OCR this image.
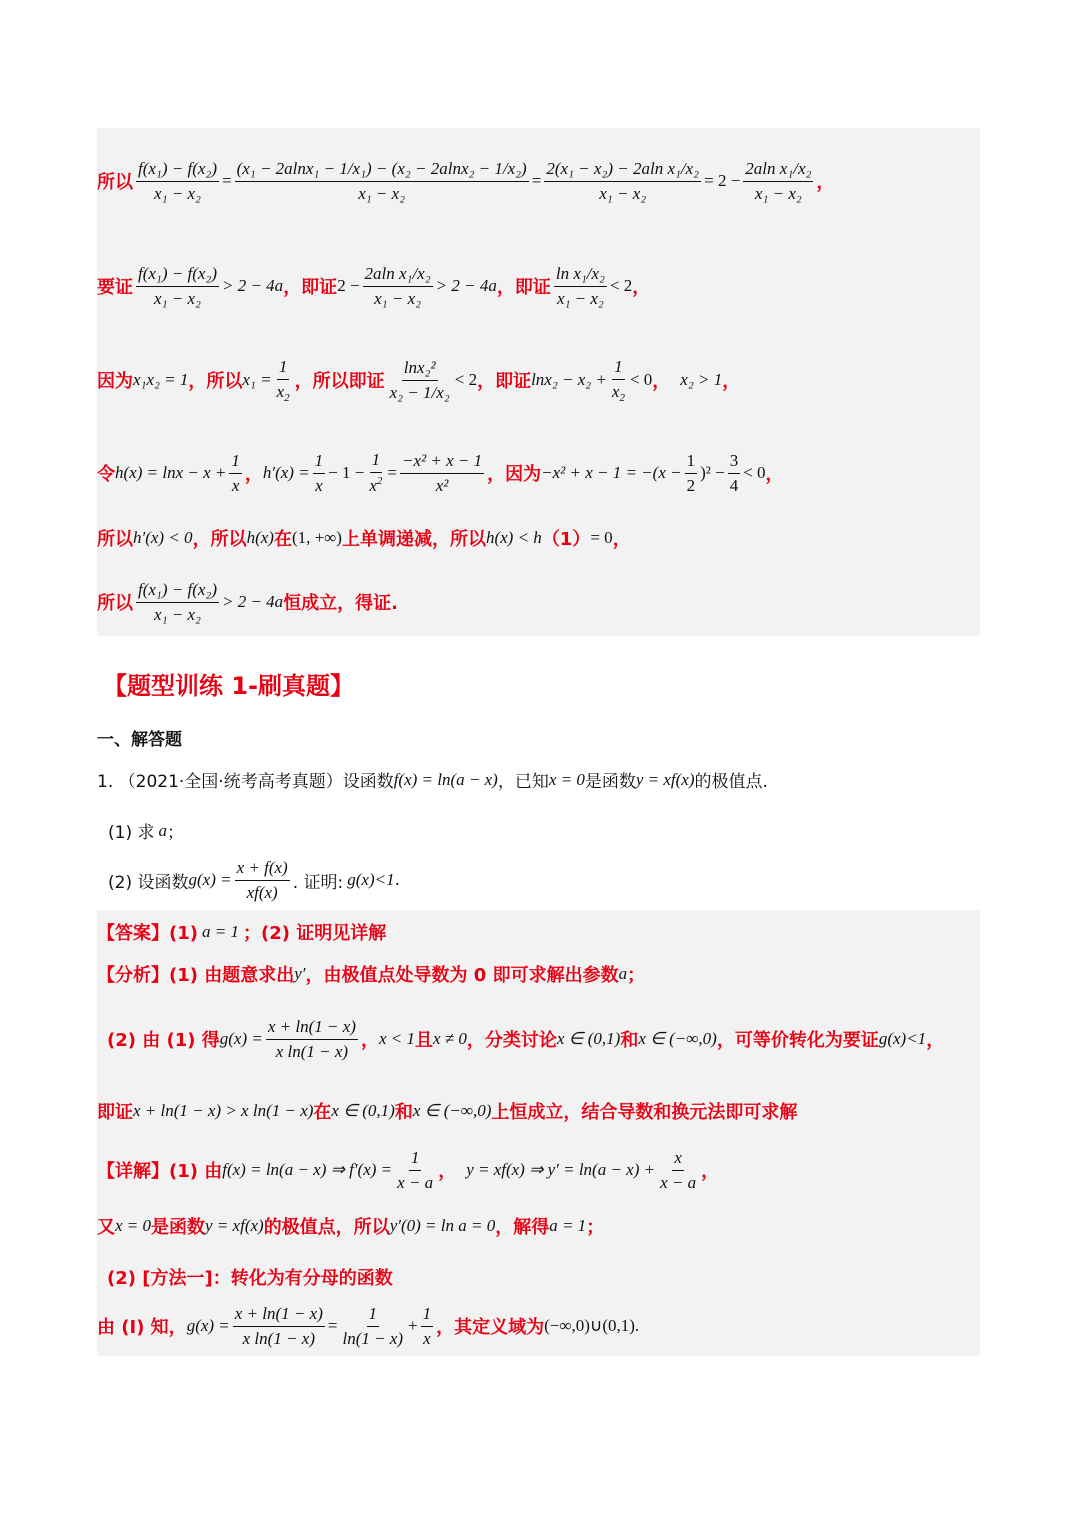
所以 $\frac{\text{f(x₁) − f(x₂)}}{\text{x₁ − x₂}} = \frac{\text{(x₁ − 2alnx₁ − 1/x₁) − (x₂ − 2alnx₂ − 1/x₂)}}{\text{x₁ − x₂}} = \frac{\text{2(x₁ − x₂) − 2aln x₁/x₂}}{\text{x₁ − x₂}} = 2 - \frac{\text{2aln x₁/x₂}}{\text{x₁ − x₂}}$ ，
要证 $\frac{\text{f(x₁) − f(x₂)}}{\text{x₁ − x₂}} > 2 - 4a$ ，即证 $2 - \frac{\text{2aln x₁/x₂}}{\text{x₁ − x₂}} > 2 - 4a$ ，即证 $\frac{\text{ln x₁/x₂}}{\text{x₁ − x₂}} < 2$ ，
因为 x₁x₂ = 1 ，所以 $x_1 = \frac{1}{x_2}$ ，所以即证 $\frac{\text{lnx₂²}}{\text{x₂ − 1/x₂}} < 2$ ，即证 $\ln x_2 - x_2 + \frac{1}{x_2} < 0$ ， x₂ > 1 ，
令 $h(x) = \ln x - x + \frac{1}{x}$ ， $h'(x) = \frac{1}{x} - 1 - \frac{1}{x^2} = \frac{\text{−x² + x − 1}}{\text{x²}}$ ，因为 $-x^2 + x - 1 = -(x - \frac{1}{2} )^2 - \frac{3}{4} < 0$ ，
所以 h′(x) < 0 ，所以 h(x) 在 (1, +∞) 上单调递减，所以 h(x) < h （1） = 0 ，
所以 $\frac{\text{f(x₁) − f(x₂)}}{\text{x₁ − x₂}} > 2 - 4a$ 恒成立，得证.
【题型训练 1-刷真题】
一、解答题
1. （2021·全国·统考高考真题）设函数 f(x) = ln(a − x) ，已知 x = 0 是函数 y = xf(x) 的极值点.
(1) 求 a ；
(2) 设函数 $g(x) = \frac{x + f(x)}{xf(x)}$ . 证明: g(x)<1 .
【答案】(1) a = 1 ；(2) 证明见详解
【分析】(1) 由题意求出 y′ ，由极值点处导数为 0 即可求解出参数 a ；
(2) 由 (1) 得 $g(x) = \frac{x + \ln(1 - x)}{\text{x ln(1 − x)}}$ ， x < 1 且 x ≠ 0 ，分类讨论 x ∈ (0,1) 和 x ∈ (−∞,0) ，可等价转化为要证 g(x)<1 ，
即证 x + ln(1 − x) > x ln(1 − x) 在 x ∈ (0,1) 和 x ∈ (−∞,0) 上恒成立，结合导数和换元法即可求解
【详解】(1) 由 f(x) = ln(a − x) ⇒ $f'(x) = \frac{1}{x - a}$ ， y = xf(x) ⇒ $y' = \ln(a - x) + \frac{x}{x - a}$ ，
又 x = 0 是函数 y = xf(x) 的极值点，所以 y′(0) = ln a = 0 ，解得 a = 1 ；
(2) [方法一]：转化为有分母的函数
由 (I) 知， $g(x) = \frac{x + \ln(1 - x)}{\text{x ln(1 − x)}} = \frac{1}{\ln(1 - x)} + \frac{1}{x}$ ，其定义域为 (−∞,0)∪(0,1) .
